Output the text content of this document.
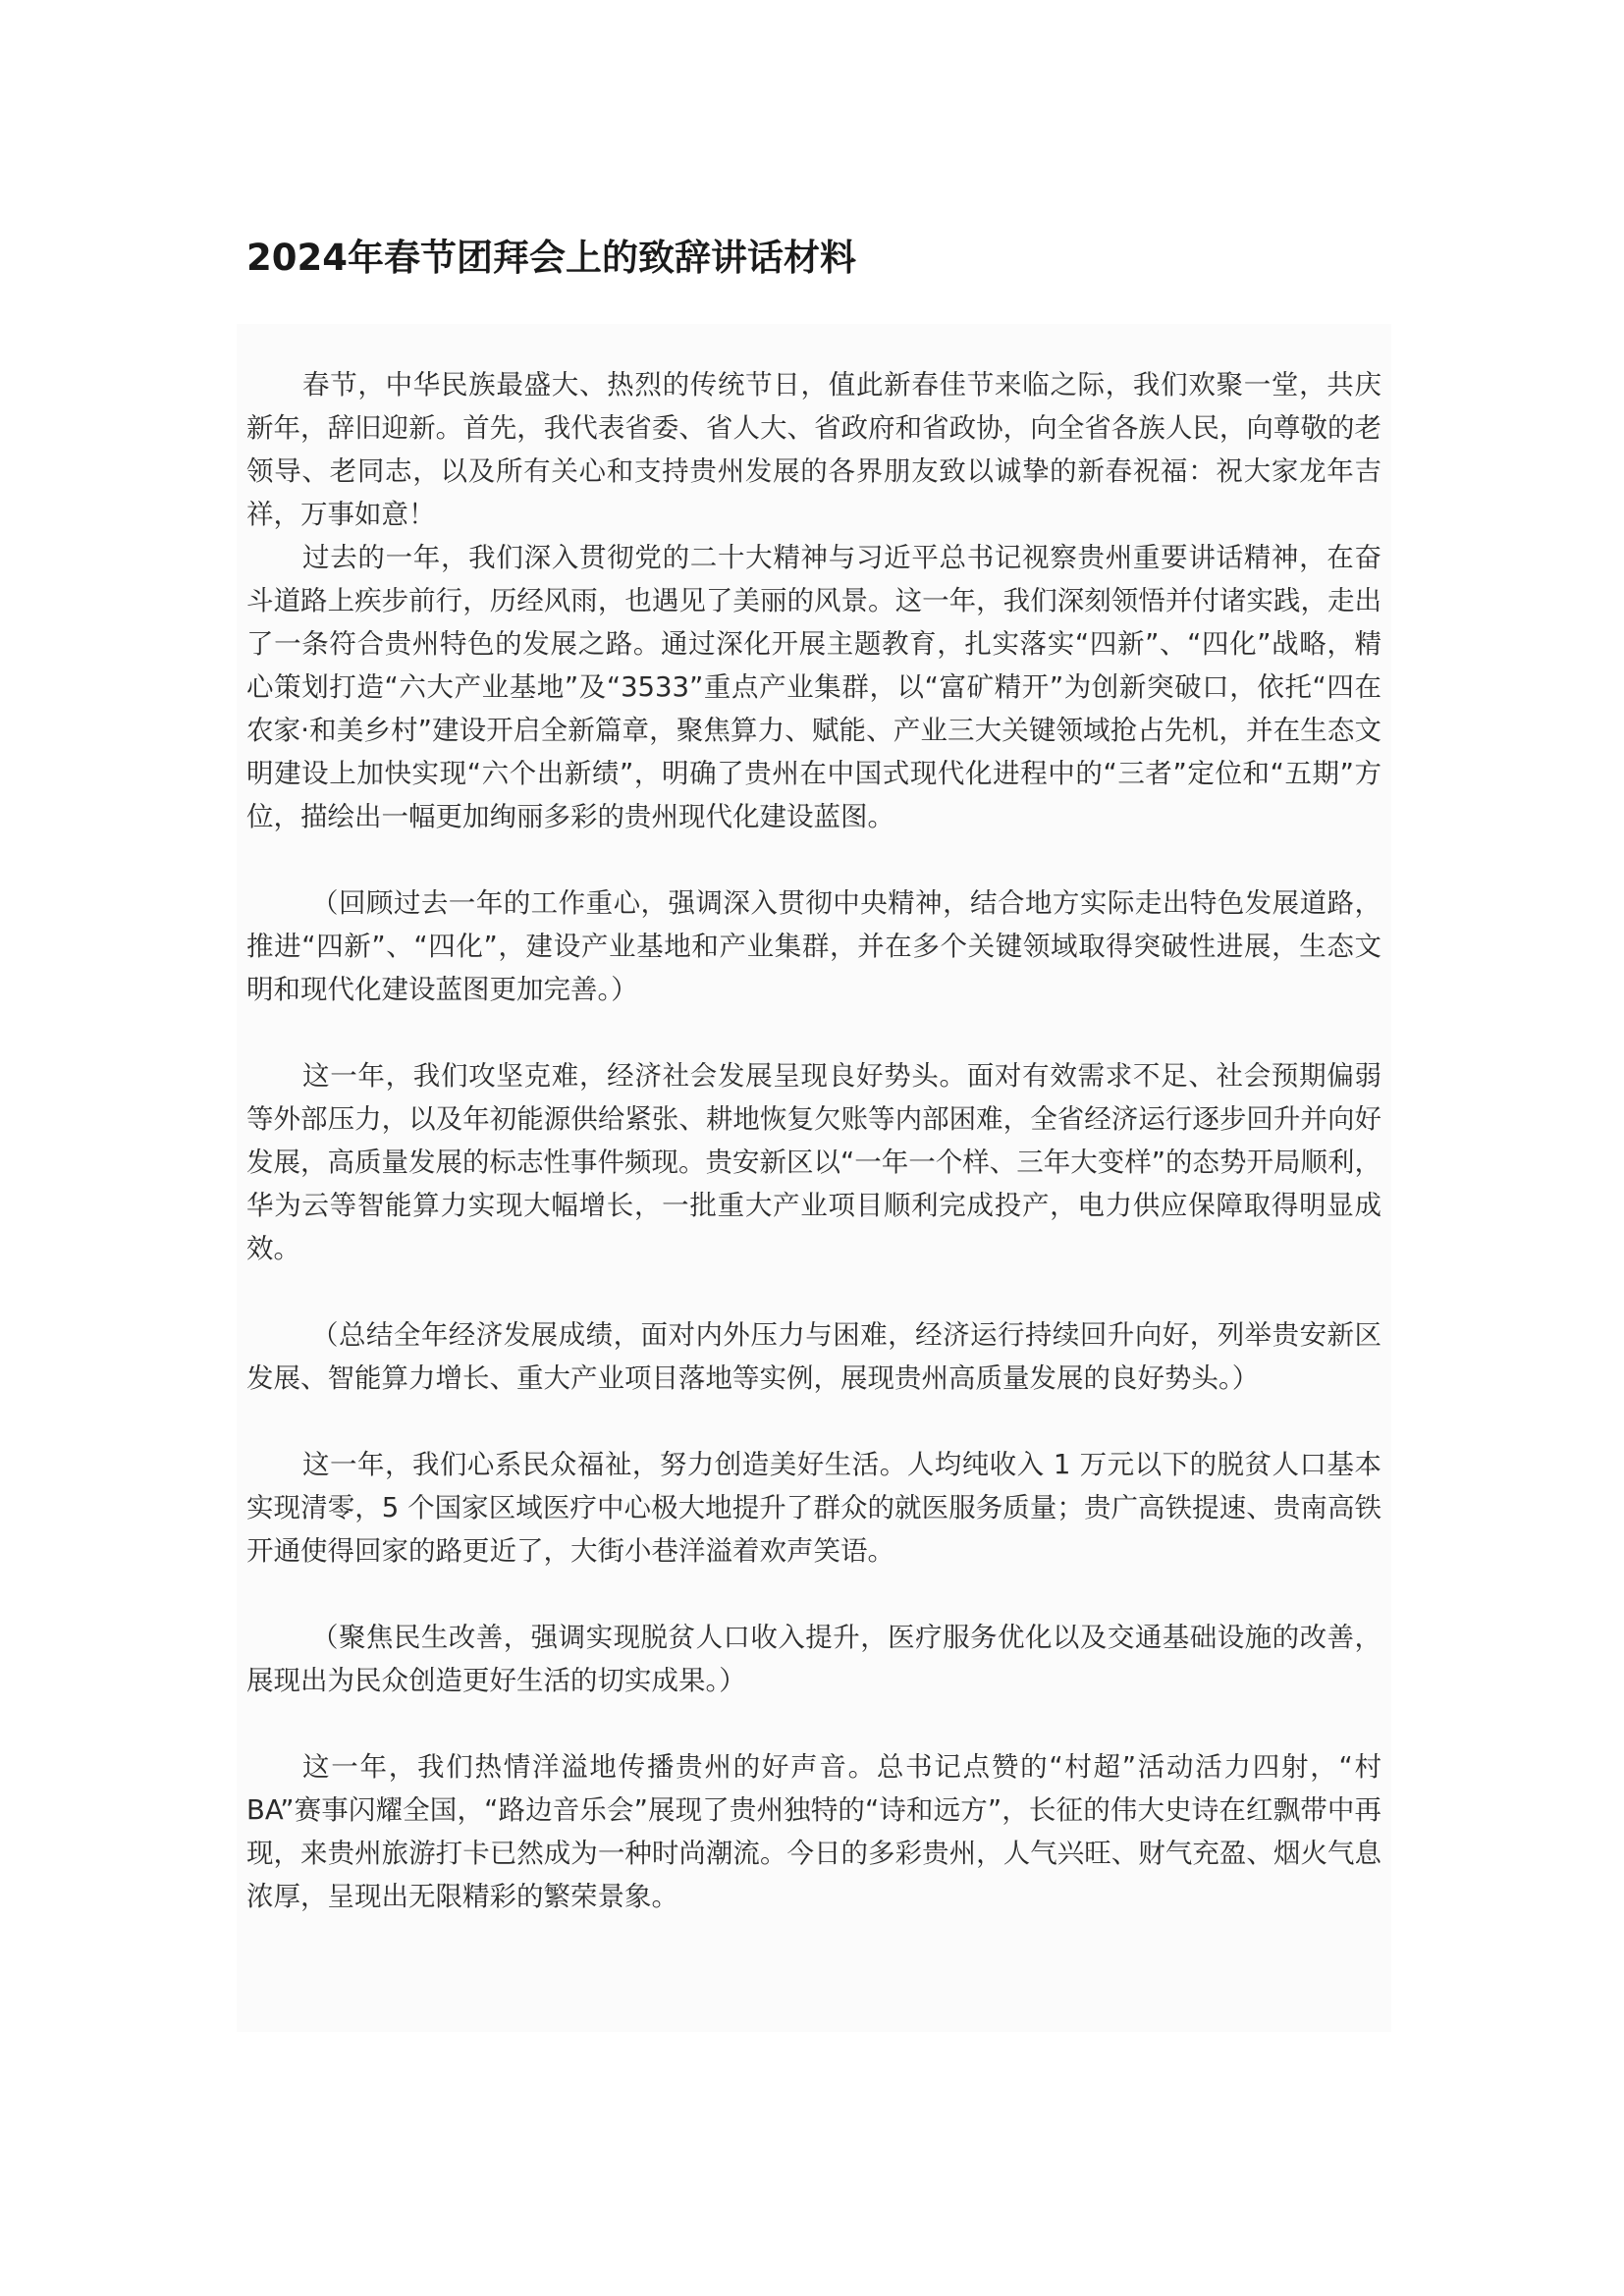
2024年春节团拜会上的致辞讲话材料

春节，中华民族最盛大、热烈的传统节日，值此新春佳节来临之际，我们欢聚一堂，共庆新年，辞旧迎新。首先，我代表省委、省人大、省政府和省政协，向全省各族人民，向尊敬的老领导、老同志，以及所有关心和支持贵州发展的各界朋友致以诚挚的新春祝福：祝大家龙年吉祥，万事如意！

过去的一年，我们深入贯彻党的二十大精神与习近平总书记视察贵州重要讲话精神，在奋斗道路上疾步前行，历经风雨，也遇见了美丽的风景。这一年，我们深刻领悟并付诸实践，走出了一条符合贵州特色的发展之路。通过深化开展主题教育，扎实落实“四新”、“四化”战略，精心策划打造“六大产业基地”及“3533”重点产业集群，以“富矿精开”为创新突破口，依托“四在农家·和美乡村”建设开启全新篇章，聚焦算力、赋能、产业三大关键领域抢占先机，并在生态文明建设上加快实现“六个出新绩”，明确了贵州在中国式现代化进程中的“三者”定位和“五期”方位，描绘出一幅更加绚丽多彩的贵州现代化建设蓝图。

（回顾过去一年的工作重心，强调深入贯彻中央精神，结合地方实际走出特色发展道路，推进“四新”、“四化”，建设产业基地和产业集群，并在多个关键领域取得突破性进展，生态文明和现代化建设蓝图更加完善。）

这一年，我们攻坚克难，经济社会发展呈现良好势头。面对有效需求不足、社会预期偏弱等外部压力，以及年初能源供给紧张、耕地恢复欠账等内部困难，全省经济运行逐步回升并向好发展，高质量发展的标志性事件频现。贵安新区以“一年一个样、三年大变样”的态势开局顺利，华为云等智能算力实现大幅增长，一批重大产业项目顺利完成投产，电力供应保障取得明显成效。

（总结全年经济发展成绩，面对内外压力与困难，经济运行持续回升向好，列举贵安新区发展、智能算力增长、重大产业项目落地等实例，展现贵州高质量发展的良好势头。）

这一年，我们心系民众福祉，努力创造美好生活。人均纯收入 1 万元以下的脱贫人口基本实现清零，5 个国家区域医疗中心极大地提升了群众的就医服务质量；贵广高铁提速、贵南高铁开通使得回家的路更近了，大街小巷洋溢着欢声笑语。

（聚焦民生改善，强调实现脱贫人口收入提升，医疗服务优化以及交通基础设施的改善，展现出为民众创造更好生活的切实成果。）

这一年，我们热情洋溢地传播贵州的好声音。总书记点赞的“村超”活动活力四射，“村 BA”赛事闪耀全国，“路边音乐会”展现了贵州独特的“诗和远方”，长征的伟大史诗在红飘带中再现，来贵州旅游打卡已然成为一种时尚潮流。今日的多彩贵州，人气兴旺、财气充盈、烟火气息浓厚，呈现出无限精彩的繁荣景象。
